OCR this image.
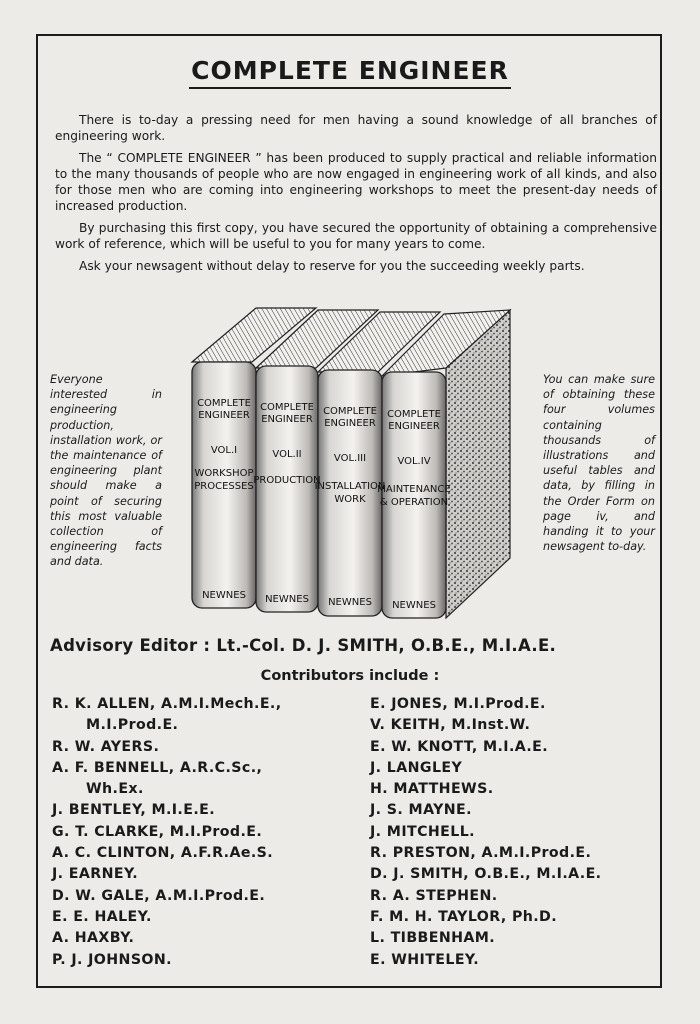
COMPLETE ENGINEER

There is to-day a pressing need for men having a sound knowledge of all branches of engineering work.

The “ COMPLETE ENGINEER ” has been produced to supply practical and reliable information to the many thousands of people who are now engaged in engineering work of all kinds, and also for those men who are coming into engineering workshops to meet the present-day needs of increased production.

By purchasing this first copy, you have secured the opportunity of obtaining a comprehensive work of reference, which will be useful to you for many years to come.

Ask your newsagent without delay to reserve for you the succeeding weekly parts.

Everyone interested in engineering production, installation work, or the maintenance of engineering plant should make a point of securing this most valuable collection of engineering facts and data.
You can make sure of obtaining these four volumes containing thousands of illustrations and useful tables and data, by filling in the Order Form on page iv, and handing it to your newsagent to-day.
COMPLETE
ENGINEER
VOL.I
WORKSHOP
PROCESSES
NEWNES
COMPLETE
ENGINEER
VOL.II
PRODUCTION
NEWNES
COMPLETE
ENGINEER
VOL.III
INSTALLATION
WORK
NEWNES
COMPLETE
ENGINEER
VOL.IV
MAINTENANCE
& OPERATION
NEWNES
Advisory Editor : Lt.-Col. D. J. SMITH, O.B.E., M.I.A.E.
Contributors include :
R. K. ALLEN, A.M.I.Mech.E.,
M.I.Prod.E.
R. W. AYERS.
A. F. BENNELL, A.R.C.Sc.,
Wh.Ex.
J. BENTLEY, M.I.E.E.
G. T. CLARKE, M.I.Prod.E.
A. C. CLINTON, A.F.R.Ae.S.
J. EARNEY.
D. W. GALE, A.M.I.Prod.E.
E. E. HALEY.
A. HAXBY.
P. J. JOHNSON.
E. JONES, M.I.Prod.E.
V. KEITH, M.Inst.W.
E. W. KNOTT, M.I.A.E.
J. LANGLEY
H. MATTHEWS.
J. S. MAYNE.
J. MITCHELL.
R. PRESTON, A.M.I.Prod.E.
D. J. SMITH, O.B.E., M.I.A.E.
R. A. STEPHEN.
F. M. H. TAYLOR, Ph.D.
L. TIBBENHAM.
E. WHITELEY.
